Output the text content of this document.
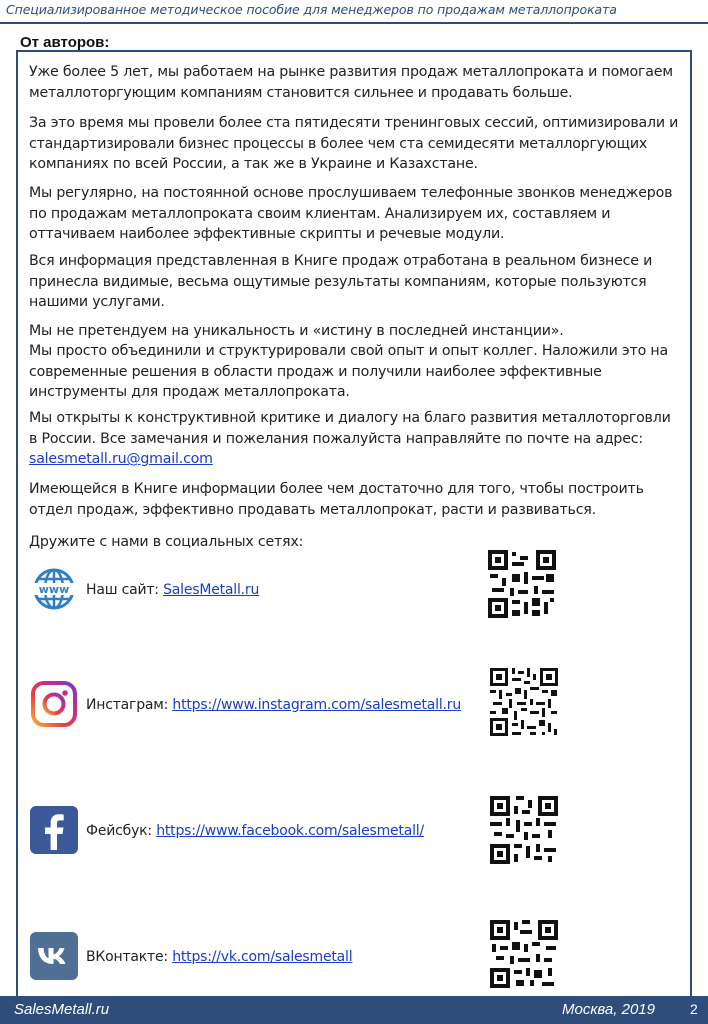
Специализированное методическое пособие для менеджеров по продажам металлопроката
От авторов:
Уже более 5 лет, мы работаем на рынке развития продаж металлопроката и помогаем металлоторгующим компаниям становится сильнее и продавать больше.
За это время мы провели более ста пятидесяти тренинговых сессий, оптимизировали и стандартизировали бизнес процессы в более чем ста семидесяти металлоргующих компаниях по всей России, а так же в Украине и Казахстане.
Мы регулярно, на постоянной основе прослушиваем телефонные звонков менеджеров по продажам металлопроката своим клиентам. Анализируем их, составляем и оттачиваем наиболее эффективные скрипты и речевые модули.
Вся информация представленная в Книге продаж отработана в реальном бизнесе и принесла видимые, весьма ощутимые результаты компаниям, которые пользуются нашими услугами.
Мы не претендуем на уникальность и «истину в последней инстанции».
Мы просто объединили и структурировали свой опыт и опыт коллег. Наложили это на современные решения в области продаж и получили наиболее эффективные инструменты для продаж металлопроката.
Мы открыты к конструктивной критике и диалогу на благо развития металлоторговли в России. Все замечания и пожелания пожалуйста направляйте по почте на адрес:
salesmetall.ru@gmail.com
Имеющейся в Книге информации более чем достаточно для того, чтобы построить отдел продаж, эффективно продавать металлопрокат, расти и развиваться.
Дружите с нами в социальных сетях:
www Наш сайт: SalesMetall.ru
Инстаграм: https://www.instagram.com/salesmetall.ru
Фейсбук: https://www.facebook.com/salesmetall/
ВКонтакте: https://vk.com/salesmetall
SalesMetall.ru	Москва, 2019	2
